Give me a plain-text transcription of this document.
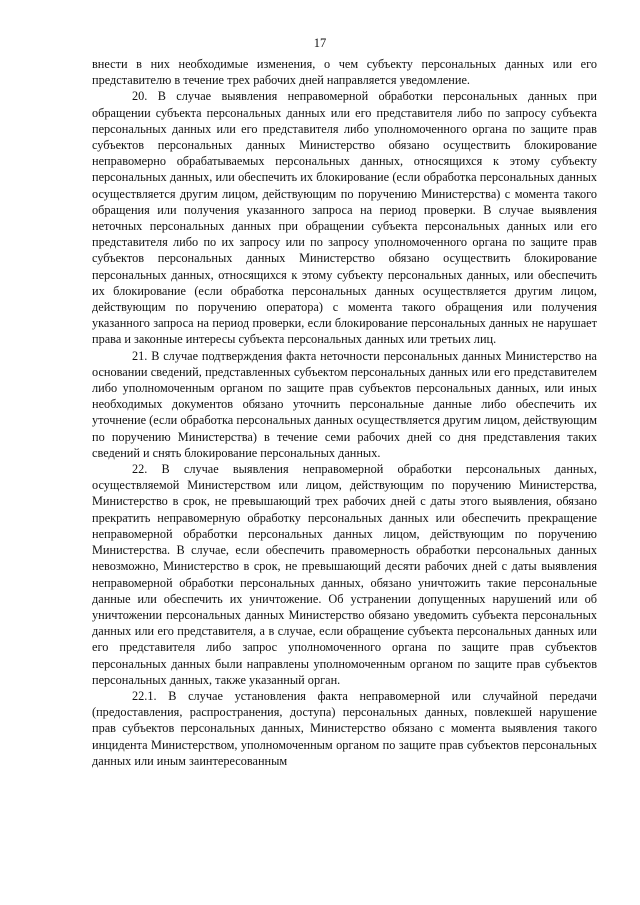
17

внести в них необходимые изменения, о чем субъекту персональных данных или его представителю в течение трех рабочих дней направляется уведомление.

20. В случае выявления неправомерной обработки персональных данных при обращении субъекта персональных данных или его представителя либо по запросу субъекта персональных данных или его представителя либо уполномоченного органа по защите прав субъектов персональных данных Министерство обязано осуществить блокирование неправомерно обрабатываемых персональных данных, относящихся к этому субъекту персональных данных, или обеспечить их блокирование (если обработка персональных данных осуществляется другим лицом, действующим по поручению Министерства) с момента такого обращения или получения указанного запроса на период проверки. В случае выявления неточных персональных данных при обращении субъекта персональных данных или его представителя либо по их запросу или по запросу уполномоченного органа по защите прав субъектов персональных данных Министерство обязано осуществить блокирование персональных данных, относящихся к этому субъекту персональных данных, или обеспечить их блокирование (если обработка персональных данных осуществляется другим лицом, действующим по поручению оператора) с момента такого обращения или получения указанного запроса на период проверки, если блокирование персональных данных не нарушает права и законные интересы субъекта персональных данных или третьих лиц.

21. В случае подтверждения факта неточности персональных данных Министерство на основании сведений, представленных субъектом персональных данных или его представителем либо уполномоченным органом по защите прав субъектов персональных данных, или иных необходимых документов обязано уточнить персональные данные либо обеспечить их уточнение (если обработка персональных данных осуществляется другим лицом, действующим по поручению Министерства) в течение семи рабочих дней со дня представления таких сведений и снять блокирование персональных данных.

22. В случае выявления неправомерной обработки персональных данных, осуществляемой Министерством или лицом, действующим по поручению Министерства, Министерство в срок, не превышающий трех рабочих дней с даты этого выявления, обязано прекратить неправомерную обработку персональных данных или обеспечить прекращение неправомерной обработки персональных данных лицом, действующим по поручению Министерства. В случае, если обеспечить правомерность обработки персональных данных невозможно, Министерство в срок, не превышающий десяти рабочих дней с даты выявления неправомерной обработки персональных данных, обязано уничтожить такие персональные данные или обеспечить их уничтожение. Об устранении допущенных нарушений или об уничтожении персональных данных Министерство обязано уведомить субъекта персональных данных или его представителя, а в случае, если обращение субъекта персональных данных или его представителя либо запрос уполномоченного органа по защите прав субъектов персональных данных были направлены уполномоченным органом по защите прав субъектов персональных данных, также указанный орган.

22.1. В случае установления факта неправомерной или случайной передачи (предоставления, распространения, доступа) персональных данных, повлекшей нарушение прав субъектов персональных данных, Министерство обязано с момента выявления такого инцидента Министерством, уполномоченным органом по защите прав субъектов персональных данных или иным заинтересованным
